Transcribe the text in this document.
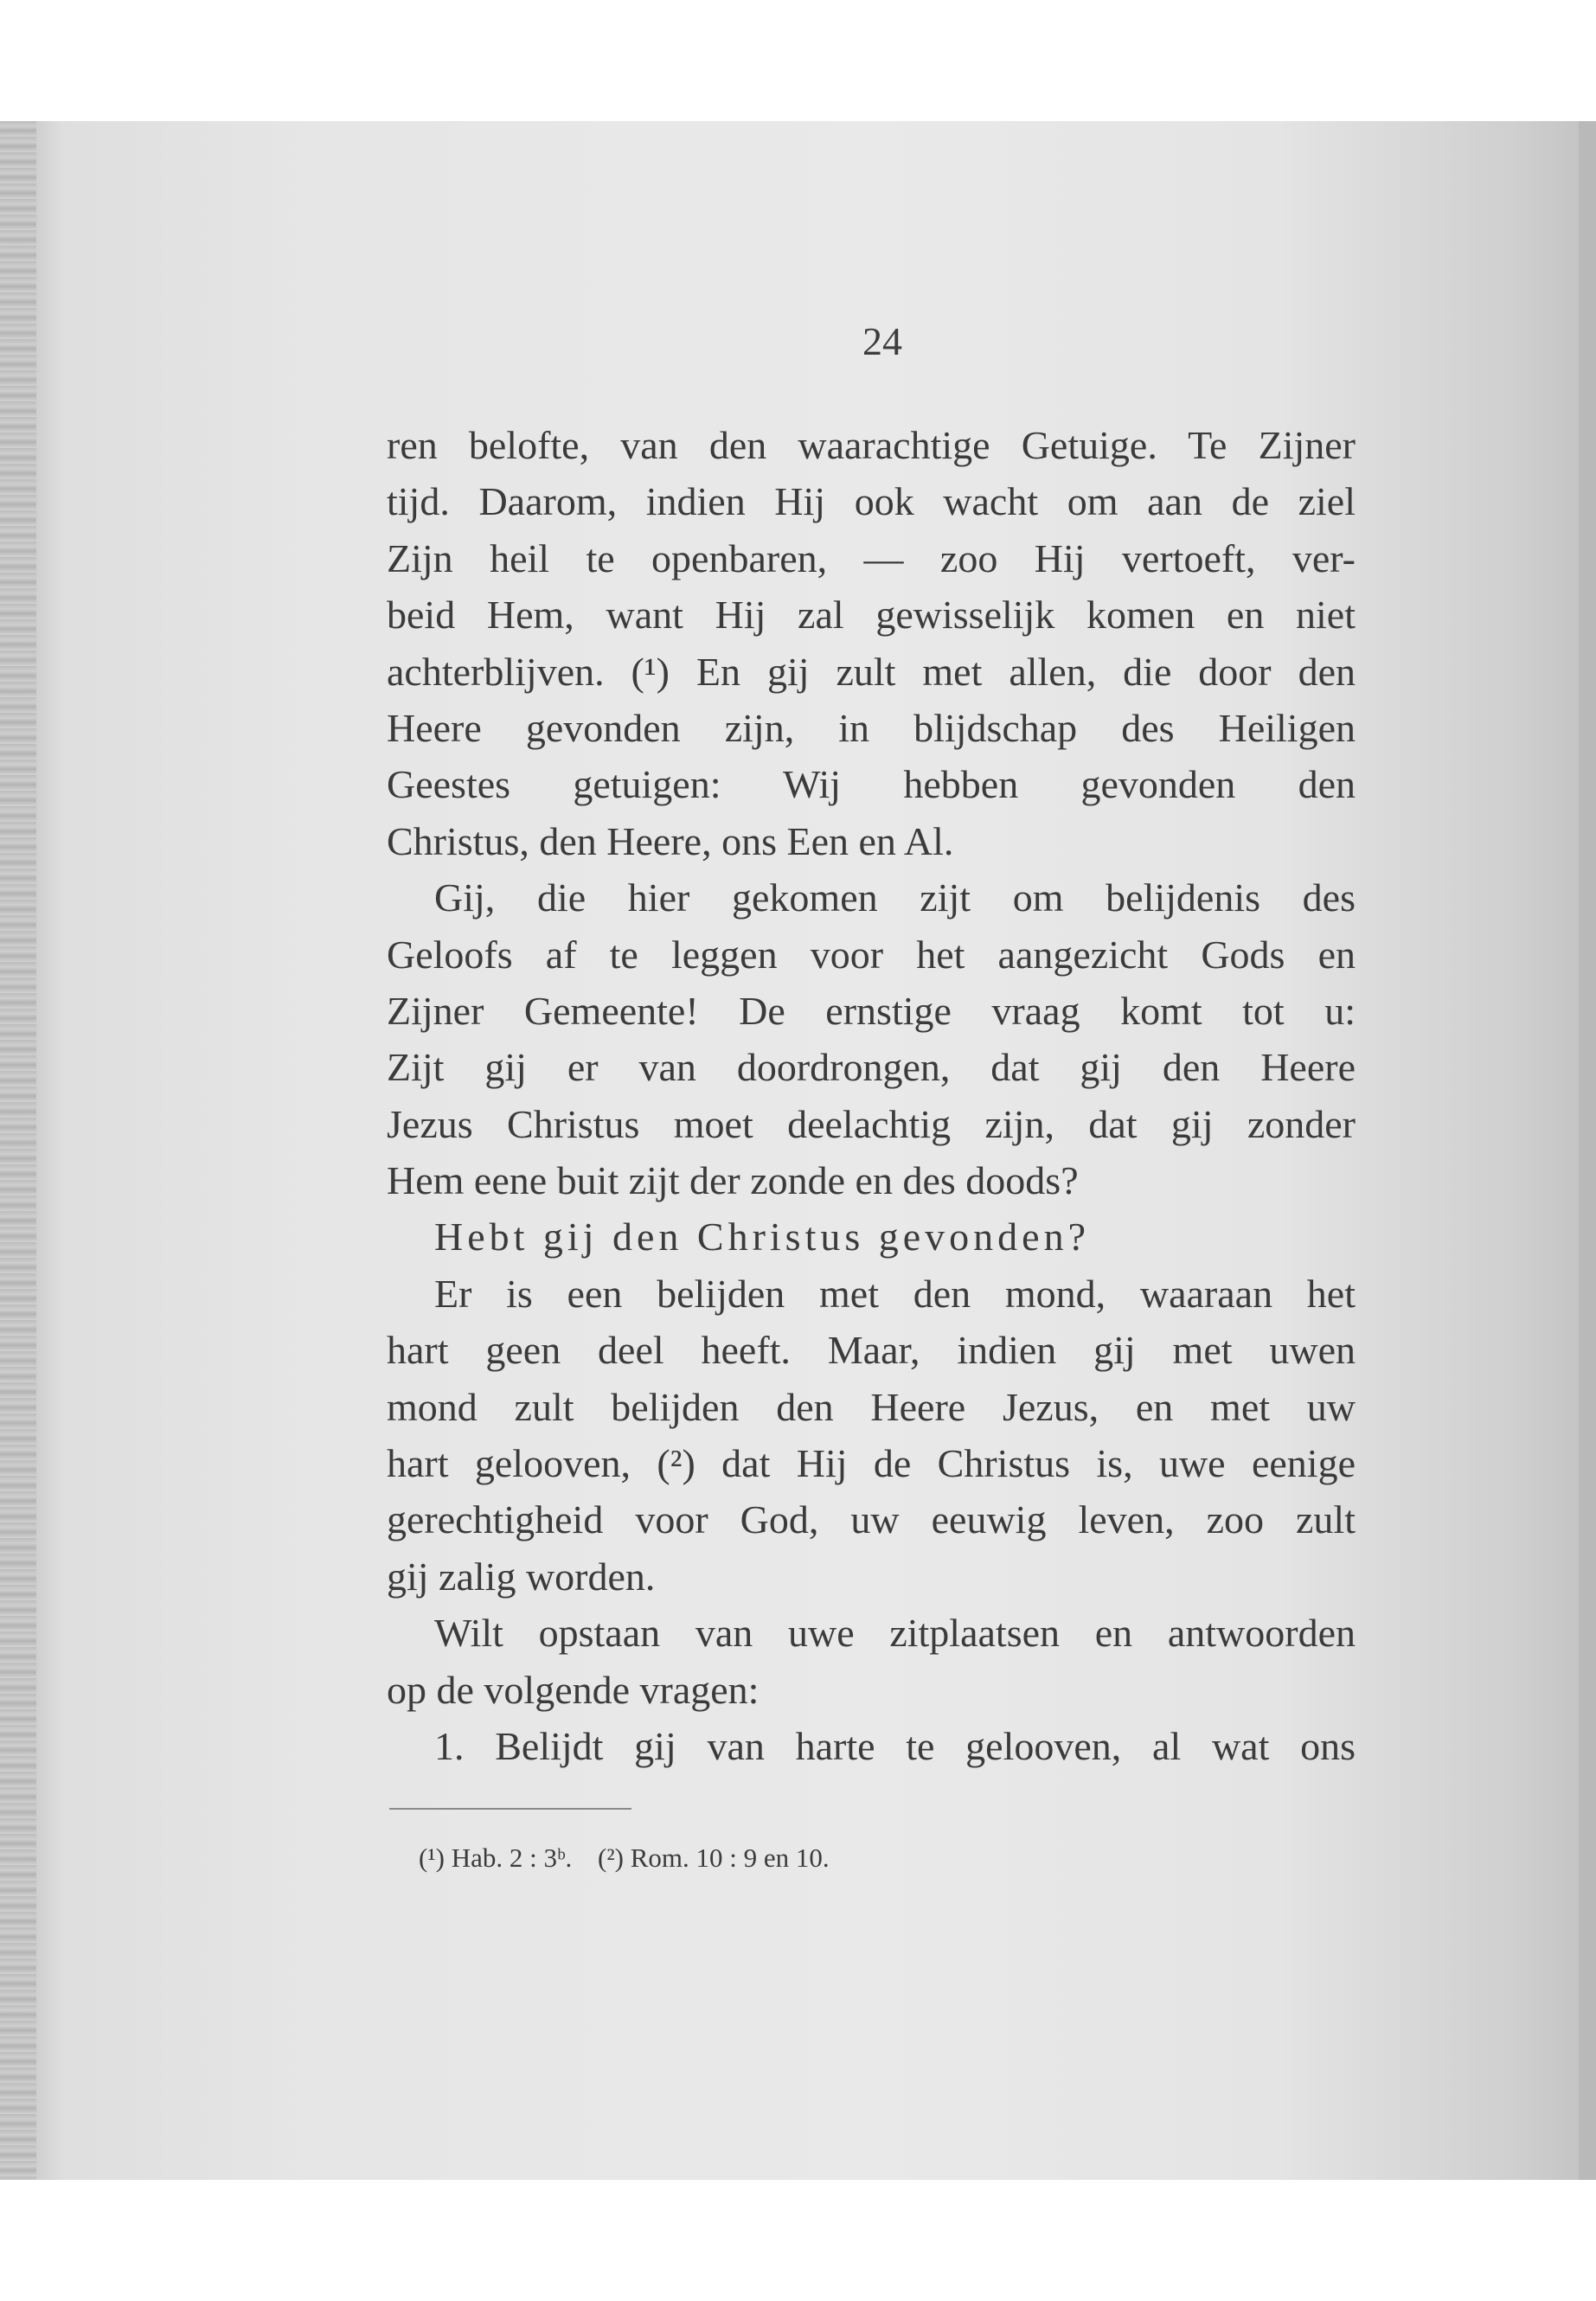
24
ren belofte, van den waarachtige Getuige. Te Zijner
tijd. Daarom, indien Hij ook wacht om aan de ziel
Zijn heil te openbaren, — zoo Hij vertoeft, ver-
beid Hem, want Hij zal gewisselijk komen en niet
achterblijven. (¹) En gij zult met allen, die door den
Heere gevonden zijn, in blijdschap des Heiligen
Geestes getuigen: Wij hebben gevonden den
Christus, den Heere, ons Een en Al.
Gij, die hier gekomen zijt om belijdenis des
Geloofs af te leggen voor het aangezicht Gods en
Zijner Gemeente! De ernstige vraag komt tot u:
Zijt gij er van doordrongen, dat gij den Heere
Jezus Christus moet deelachtig zijn, dat gij zonder
Hem eene buit zijt der zonde en des doods?
Hebt gij den Christus gevonden?
Er is een belijden met den mond, waaraan het
hart geen deel heeft. Maar, indien gij met uwen
mond zult belijden den Heere Jezus, en met uw
hart gelooven, (²) dat Hij de Christus is, uwe eenige
gerechtigheid voor God, uw eeuwig leven, zoo zult
gij zalig worden.
Wilt opstaan van uwe zitplaatsen en antwoorden
op de volgende vragen:
1. Belijdt gij van harte te gelooven, al wat ons
(¹) Hab. 2 : 3ᵇ. (²) Rom. 10 : 9 en 10.
